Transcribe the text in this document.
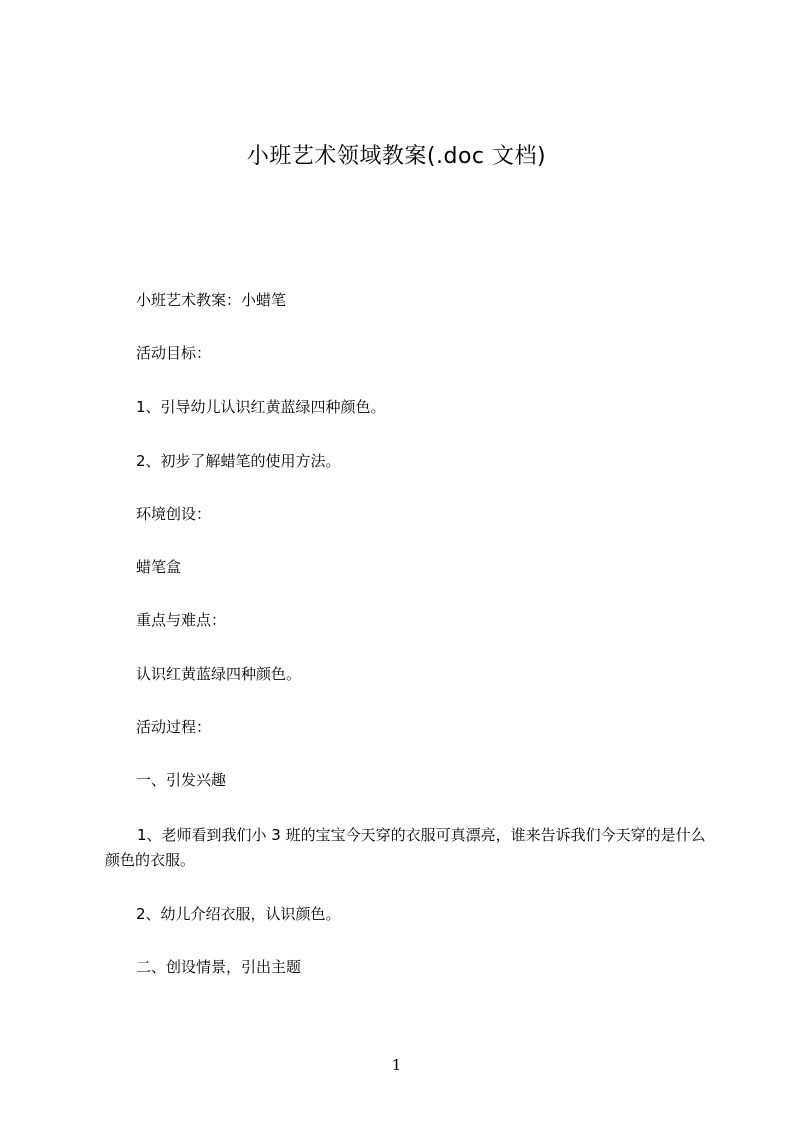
小班艺术领域教案(.doc 文档)
小班艺术教案：小蜡笔
活动目标：
1、引导幼儿认识红黄蓝绿四种颜色。
2、初步了解蜡笔的使用方法。
环境创设：
蜡笔盒
重点与难点：
认识红黄蓝绿四种颜色。
活动过程：
一、引发兴趣
1、老师看到我们小 3 班的宝宝今天穿的衣服可真漂亮，谁来告诉我们今天穿的是什么颜色的衣服。
2、幼儿介绍衣服，认识颜色。
二、创设情景，引出主题
1
